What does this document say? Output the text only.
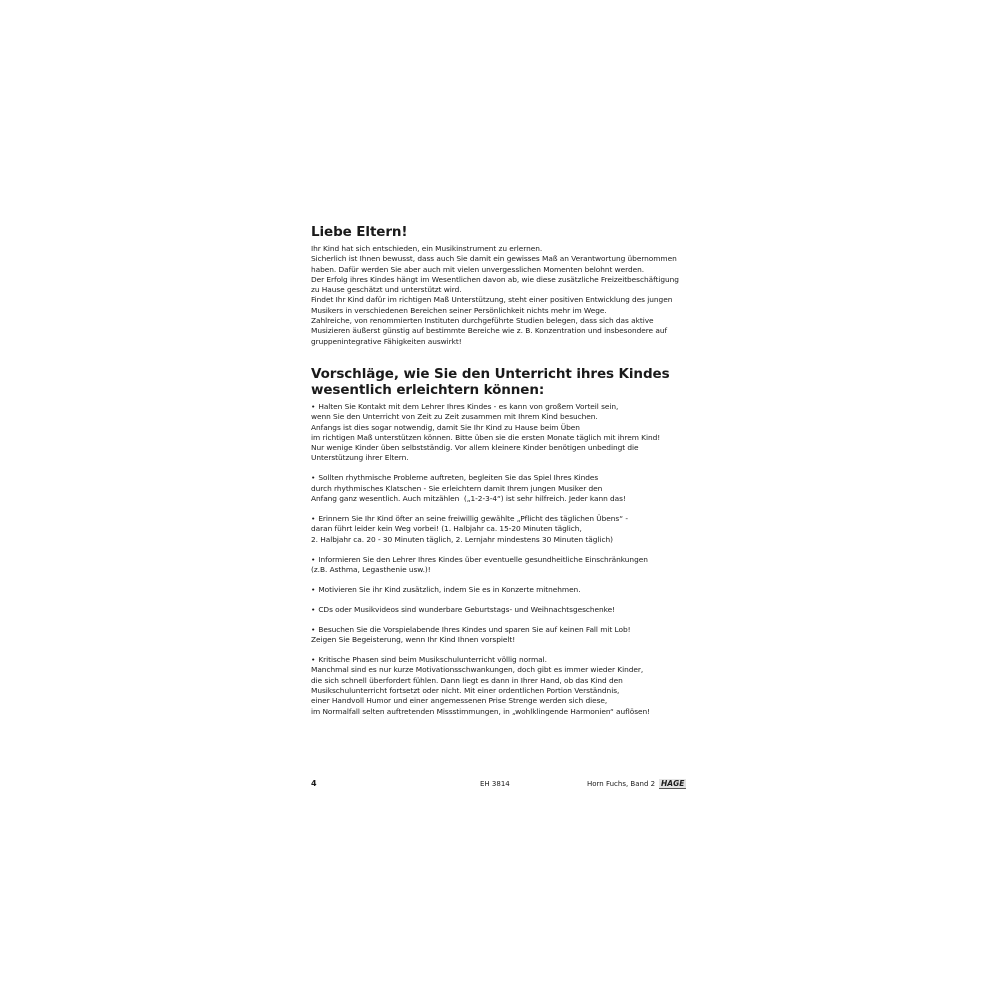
Liebe Eltern!
Ihr Kind hat sich entschieden, ein Musikinstrument zu erlernen.
Sicherlich ist Ihnen bewusst, dass auch Sie damit ein gewisses Maß an Verantwortung übernommen
haben. Dafür werden Sie aber auch mit vielen unvergesslichen Momenten belohnt werden.
Der Erfolg ihres Kindes hängt im Wesentlichen davon ab, wie diese zusätzliche Freizeitbeschäftigung
zu Hause geschätzt und unterstützt wird.
Findet Ihr Kind dafür im richtigen Maß Unterstützung, steht einer positiven Entwicklung des jungen
Musikers in verschiedenen Bereichen seiner Persönlichkeit nichts mehr im Wege.
Zahlreiche, von renommierten Instituten durchgeführte Studien belegen, dass sich das aktive
Musizieren äußerst günstig auf bestimmte Bereiche wie z. B. Konzentration und insbesondere auf
gruppenintegrative Fähigkeiten auswirkt!
Vorschläge, wie Sie den Unterricht ihres Kindes
wesentlich erleichtern können:
• Halten Sie Kontakt mit dem Lehrer Ihres Kindes - es kann von großem Vorteil sein,
wenn Sie den Unterricht von Zeit zu Zeit zusammen mit Ihrem Kind besuchen.
Anfangs ist dies sogar notwendig, damit Sie Ihr Kind zu Hause beim Üben
im richtigen Maß unterstützen können. Bitte üben sie die ersten Monate täglich mit ihrem Kind!
Nur wenige Kinder üben selbstständig. Vor allem kleinere Kinder benötigen unbedingt die
Unterstützung ihrer Eltern.
• Sollten rhythmische Probleme auftreten, begleiten Sie das Spiel Ihres Kindes
durch rhythmisches Klatschen - Sie erleichtern damit Ihrem jungen Musiker den
Anfang ganz wesentlich. Auch mitzählen  („1-2-3-4“) ist sehr hilfreich. Jeder kann das!
• Erinnern Sie Ihr Kind öfter an seine freiwillig gewählte „Pflicht des täglichen Übens“ -
daran führt leider kein Weg vorbei! (1. Halbjahr ca. 15-20 Minuten täglich,
2. Halbjahr ca. 20 - 30 Minuten täglich, 2. Lernjahr mindestens 30 Minuten täglich)
• Informieren Sie den Lehrer Ihres Kindes über eventuelle gesundheitliche Einschränkungen
(z.B. Asthma, Legasthenie usw.)!
• Motivieren Sie ihr Kind zusätzlich, indem Sie es in Konzerte mitnehmen.
• CDs oder Musikvideos sind wunderbare Geburtstags- und Weihnachtsgeschenke!
• Besuchen Sie die Vorspielabende Ihres Kindes und sparen Sie auf keinen Fall mit Lob!
Zeigen Sie Begeisterung, wenn Ihr Kind Ihnen vorspielt!
• Kritische Phasen sind beim Musikschulunterricht völlig normal.
Manchmal sind es nur kurze Motivationsschwankungen, doch gibt es immer wieder Kinder,
die sich schnell überfordert fühlen. Dann liegt es dann in Ihrer Hand, ob das Kind den
Musikschulunterricht fortsetzt oder nicht. Mit einer ordentlichen Portion Verständnis,
einer Handvoll Humor und einer angemessenen Prise Strenge werden sich diese,
im Normalfall selten auftretenden Missstimmungen, in „wohlklingende Harmonien“ auflösen!
4	EH 3814	Horn Fuchs, Band 2 HAGE
